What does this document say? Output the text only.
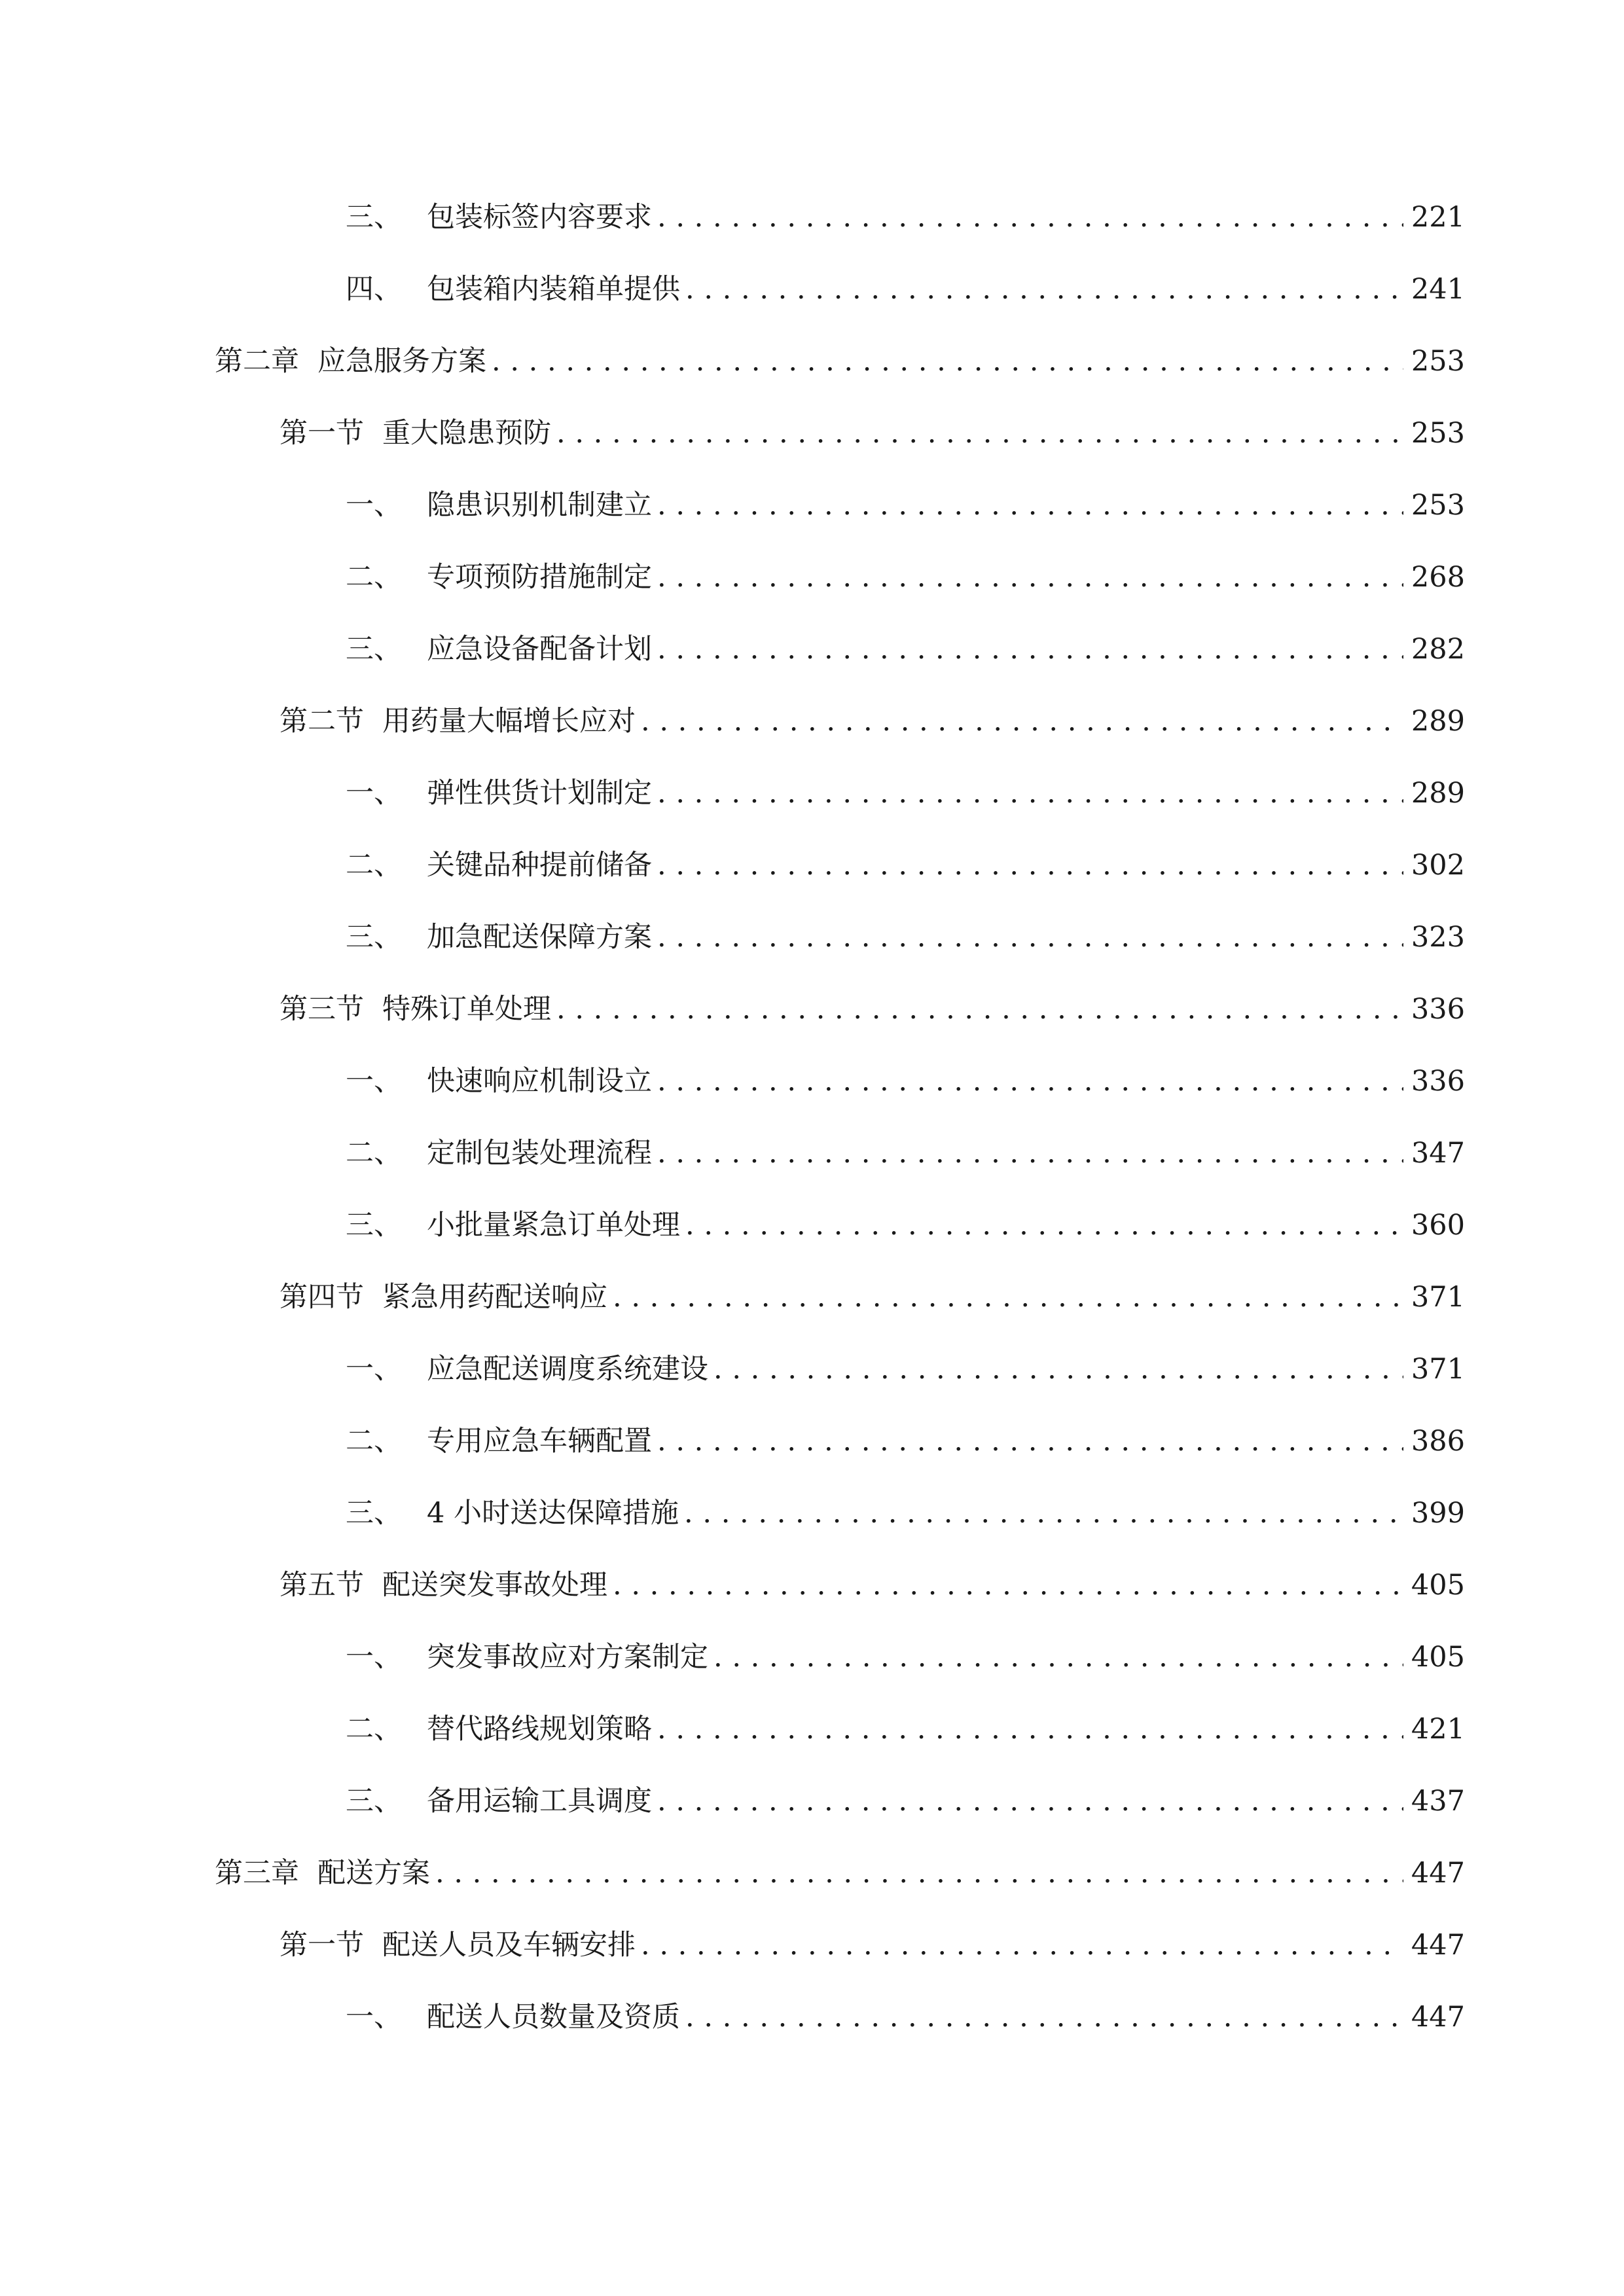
三、 包装标签内容要求 . . .	221
四、 包装箱内装箱单提供 . . .	241
第二章 应急服务方案 . . .	253
第一节 重大隐患预防 . . .	253
一、 隐患识别机制建立 . . .	253
二、 专项预防措施制定 . . .	268
三、 应急设备配备计划 . . .	282
第二节 用药量大幅增长应对 . . .	289
一、 弹性供货计划制定 . . .	289
二、 关键品种提前储备 . . .	302
三、 加急配送保障方案 . . .	323
第三节 特殊订单处理 . . .	336
一、 快速响应机制设立 . . .	336
二、 定制包装处理流程 . . .	347
三、 小批量紧急订单处理 . . .	360
第四节 紧急用药配送响应 . . .	371
一、 应急配送调度系统建设 . . .	371
二、 专用应急车辆配置 . . .	386
三、 4 小时送达保障措施 . . .	399
第五节 配送突发事故处理 . . .	405
一、 突发事故应对方案制定 . . .	405
二、 替代路线规划策略 . . .	421
三、 备用运输工具调度 . . .	437
第三章 配送方案 . . .	447
第一节 配送人员及车辆安排 . . .	447
一、 配送人员数量及资质 . . .	447
